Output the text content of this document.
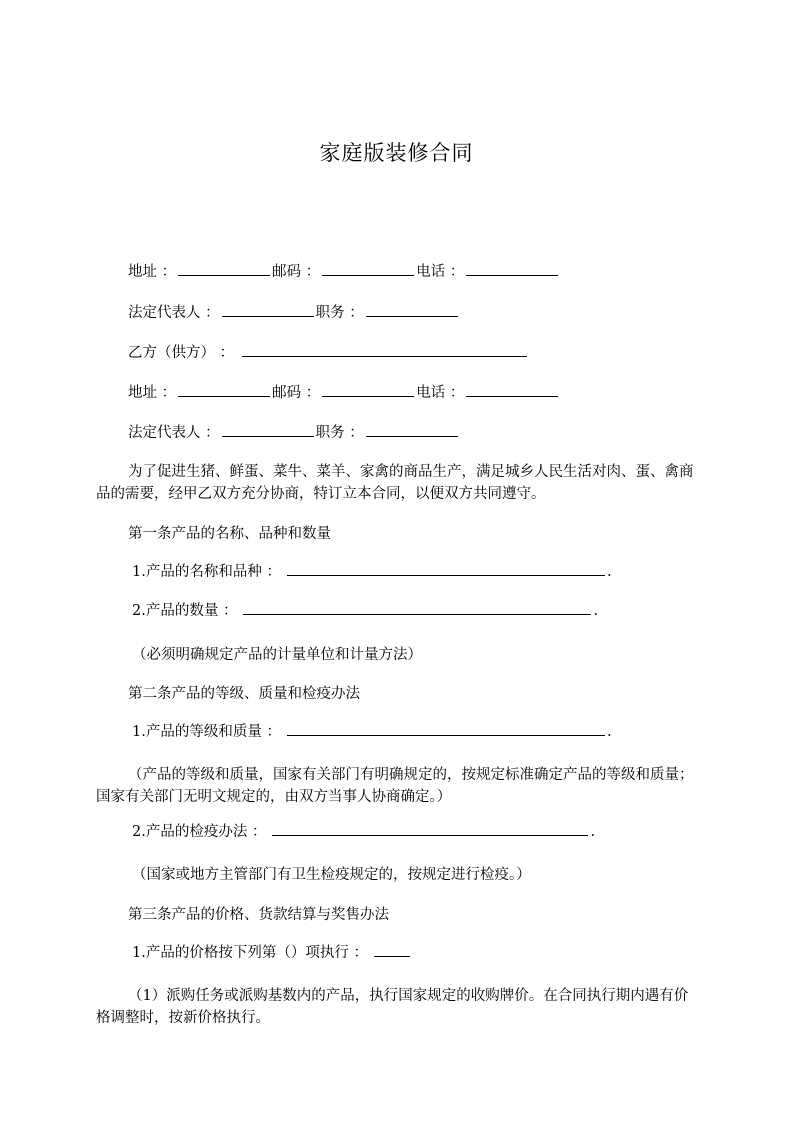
家庭版装修合同
地址 ：	邮码 ：	电话 ：
法定代表人 ：	职务 ：
乙方（供方） ：
地址 ：	邮码 ：	电话 ：
法定代表人 ：	职务 ：
为了促进生猪、鲜蛋、菜牛、菜羊、家禽的商品生产，满足城乡人民生活对肉、蛋、禽商品的需要，经甲乙双方充分协商，特订立本合同，以便双方共同遵守。
第一条产品的名称、品种和数量
1.产品的名称和品种 ：	.
2.产品的数量 ：	.
（必须明确规定产品的计量单位和计量方法）
第二条产品的等级、质量和检疫办法
1.产品的等级和质量 ：	.
（产品的等级和质量，国家有关部门有明确规定的，按规定标准确定产品的等级和质量；国家有关部门无明文规定的，由双方当事人协商确定。）
2.产品的检疫办法 ：	.
（国家或地方主管部门有卫生检疫规定的，按规定进行检疫。）
第三条产品的价格、货款结算与奖售办法
1.产品的价格按下列第（）项执行 ：
（1）派购任务或派购基数内的产品，执行国家规定的收购牌价。在合同执行期内遇有价格调整时，按新价格执行。
